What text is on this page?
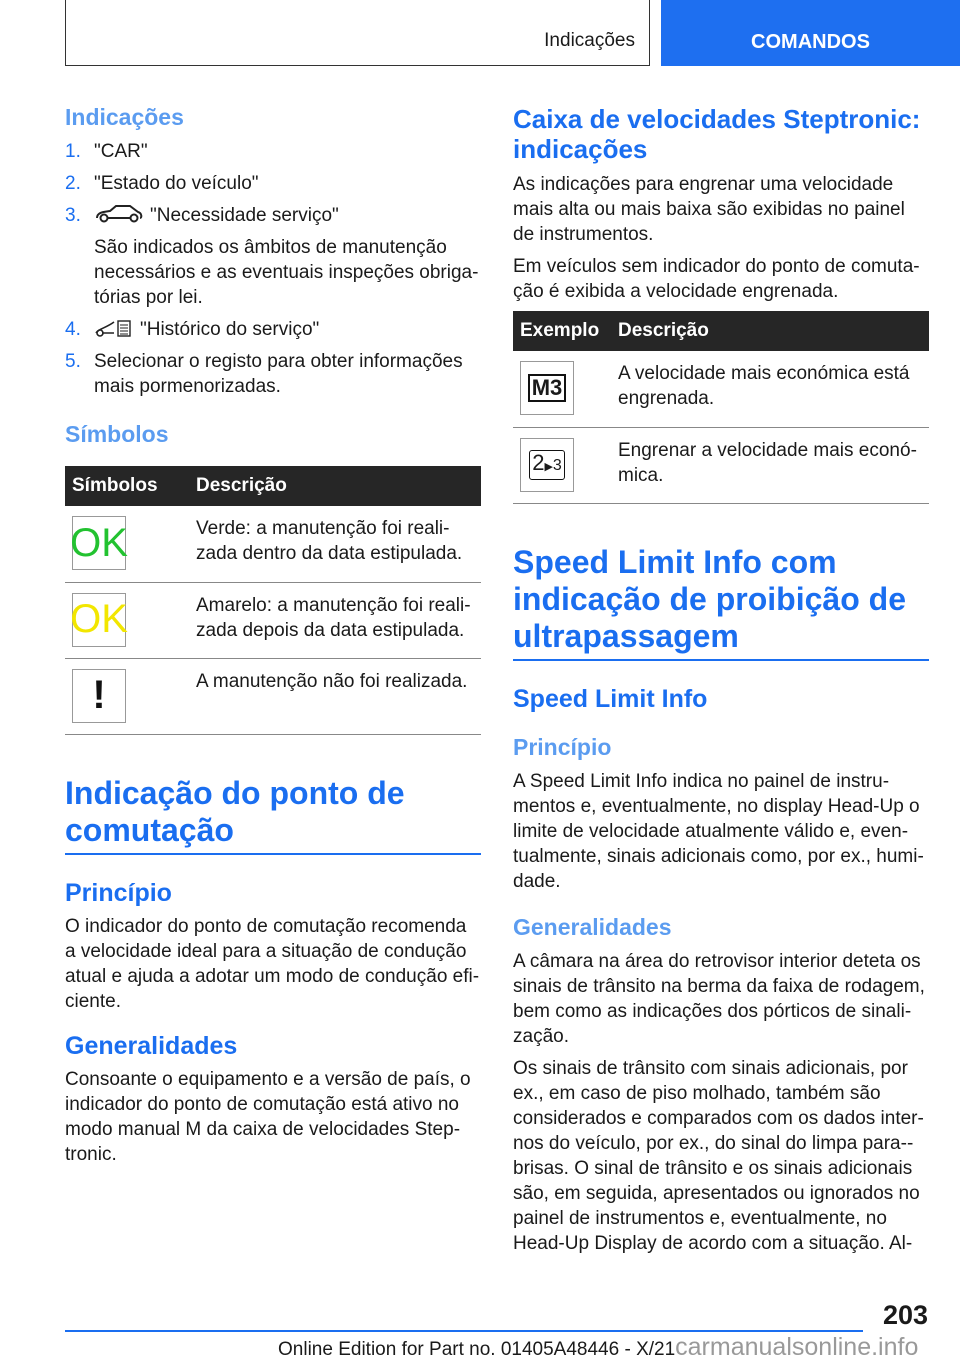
Indicações	COMANDOS
Indicações
1. "CAR"
2. "Estado do veículo"
3.	"Necessidade serviço"
São indicados os âmbitos de manutenção necessários e as eventuais inspeções obrigatórias por lei.
4.	"Histórico do serviço"
5. Selecionar o registo para obter informações mais pormenorizadas.
Símbolos
Símbolos	Descrição

OK	Verde: a manutenção foi realizada dentro da data estipulada.

OK	Amarelo: a manutenção foi realizada depois da data estipulada.

!	A manutenção não foi realizada.
Indicação do ponto de comutação
Princípio
O indicador do ponto de comutação recomenda a velocidade ideal para a situação de condução atual e ajuda a adotar um modo de condução eficiente.
Generalidades
Consoante o equipamento e a versão de país, o indicador do ponto de comutação está ativo no modo manual M da caixa de velocidades Steptronic.
Caixa de velocidades Steptronic: indicações
As indicações para engrenar uma velocidade mais alta ou mais baixa são exibidas no painel de instrumentos.
Em veículos sem indicador do ponto de comutação é exibida a velocidade engrenada.
Exemplo	Descrição

M3	A velocidade mais económica está engrenada.

2▶3	Engrenar a velocidade mais económica.
Speed Limit Info com indicação de proibição de ultrapassagem
Speed Limit Info
Princípio
A Speed Limit Info indica no painel de instrumentos e, eventualmente, no display Head-Up o limite de velocidade atualmente válido e, eventualmente, sinais adicionais como, por ex., humidade.
Generalidades
A câmara na área do retrovisor interior deteta os sinais de trânsito na berma da faixa de rodagem, bem como as indicações dos pórticos de sinalização.
Os sinais de trânsito com sinais adicionais, por ex., em caso de piso molhado, também são considerados e comparados com os dados internos do veículo, por ex., do sinal do limpa para--brisas. O sinal de trânsito e os sinais adicionais são, em seguida, apresentados ou ignorados no painel de instrumentos e, eventualmente, no Head-Up Display de acordo com a situação. Al-
203
Online Edition for Part no. 01405A48446 - X/21carmanualsonline.info
